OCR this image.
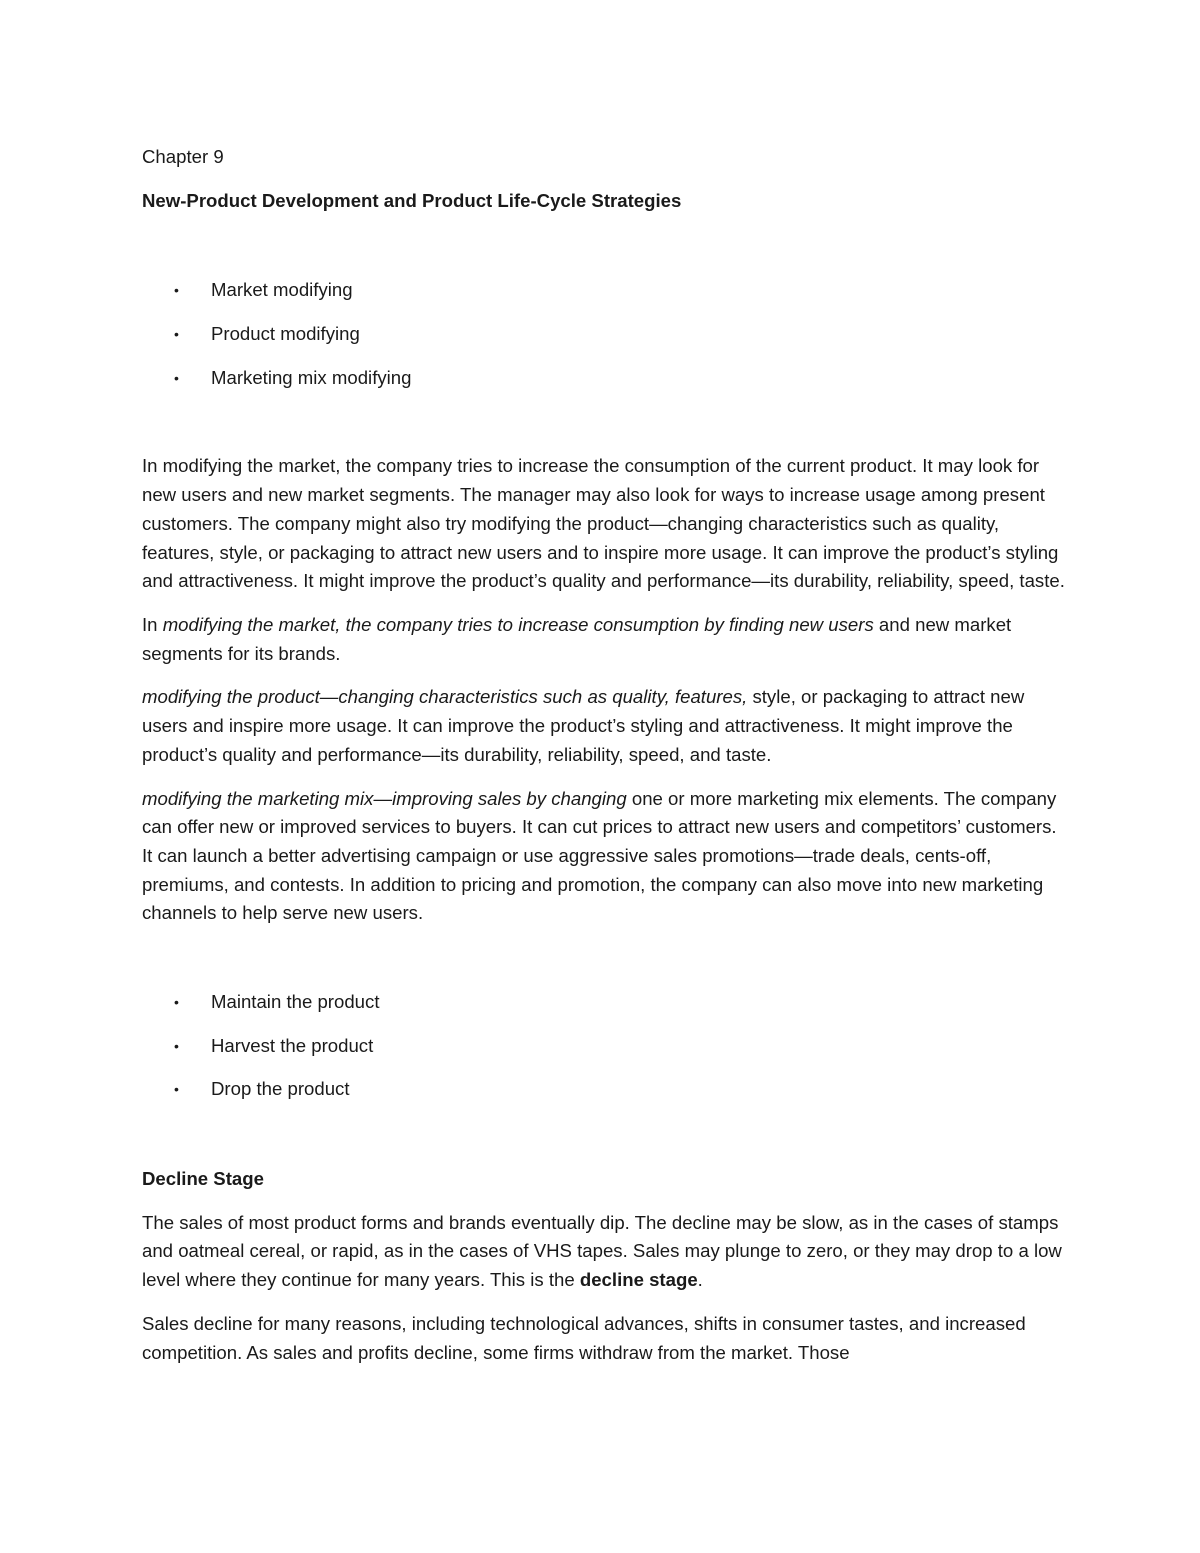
Chapter 9

New-Product Development and Product Life-Cycle Strategies

• Market modifying
• Product modifying
• Marketing mix modifying

In modifying the market, the company tries to increase the consumption of the current product. It may look for new users and new market segments. The manager may also look for ways to increase usage among present customers. The company might also try modifying the product—changing characteristics such as quality, features, style, or packaging to attract new users and to inspire more usage. It can improve the product’s styling and attractiveness. It might improve the product’s quality and performance—its durability, reliability, speed, taste.

In modifying the market, the company tries to increase consumption by finding new users and new market segments for its brands.

modifying the product—changing characteristics such as quality, features, style, or packaging to attract new users and inspire more usage. It can improve the product’s styling and attractiveness. It might improve the product’s quality and performance—its durability, reliability, speed, and taste.

modifying the marketing mix—improving sales by changing one or more marketing mix elements. The company can offer new or improved services to buyers. It can cut prices to attract new users and competitors’ customers. It can launch a better advertising campaign or use aggressive sales promotions—trade deals, cents-off, premiums, and contests. In addition to pricing and promotion, the company can also move into new marketing channels to help serve new users.

• Maintain the product
• Harvest the product
• Drop the product

Decline Stage

The sales of most product forms and brands eventually dip. The decline may be slow, as in the cases of stamps and oatmeal cereal, or rapid, as in the cases of VHS tapes. Sales may plunge to zero, or they may drop to a low level where they continue for many years. This is the decline stage.

Sales decline for many reasons, including technological advances, shifts in consumer tastes, and increased competition. As sales and profits decline, some firms withdraw from the market. Those
